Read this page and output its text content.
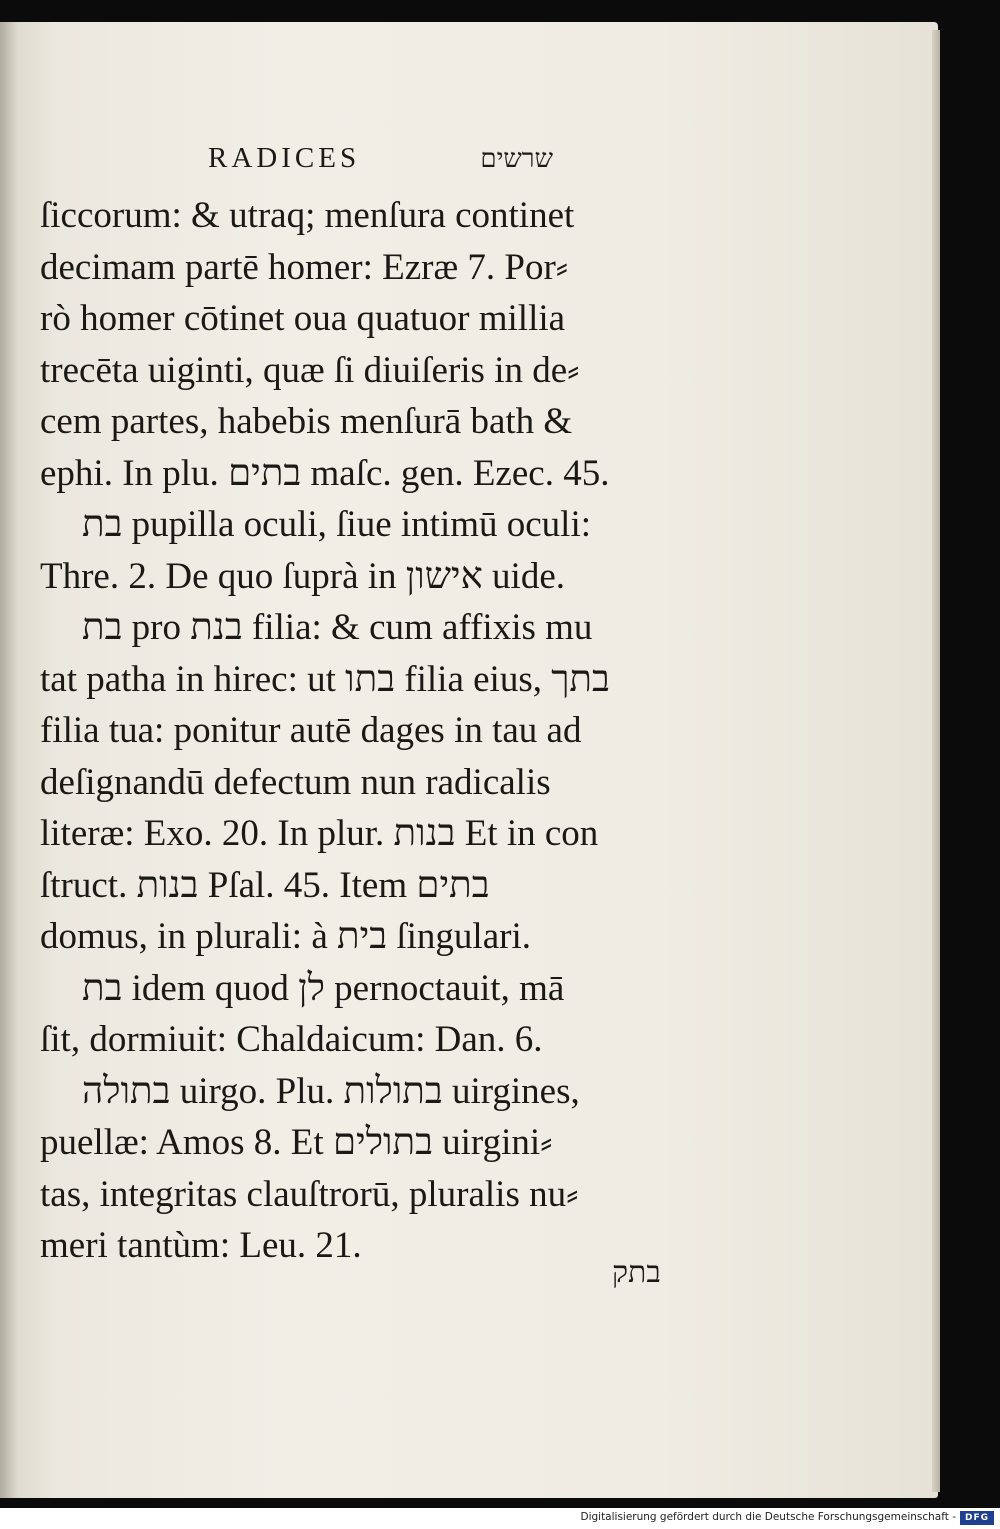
RADICES	שרשים
ſiccorum: & utraq; menſura continet
decimam partē homer: Ezræ 7. Por⸗
rò homer cōtinet oua quatuor millia
trecēta uiginti, quæ ſi diuiſeris in de⸗
cem partes, habebis menſurā bath &
ephi. In plu. בתים maſc. gen. Ezec. 45.
בת pupilla oculi, ſiue intimū oculi:
Thre. 2. De quo ſuprà in אישון uide.
בת pro בנת filia: & cum affixis mu
tat patha in hirec: ut בתו filia eius, בתך
filia tua: ponitur autē dages in tau ad
deſignandū defectum nun radicalis
literæ: Exo. 20. In plur. בנות Et in con
ſtruct. בנות Pſal. 45. Item בתים
domus, in plurali: à בית ſingulari.
בת idem quod לן pernoctauit, mā
ſit, dormiuit: Chaldaicum: Dan. 6.
בתולה uirgo. Plu. בתולות uirgines,
puellæ: Amos 8. Et בתולים uirgini⸗
tas, integritas clauſtrorū, pluralis nu⸗
meri tantùm: Leu. 21.
בתק
Digitalisierung gefördert durch die Deutsche Forschungsgemeinschaft - DFG
